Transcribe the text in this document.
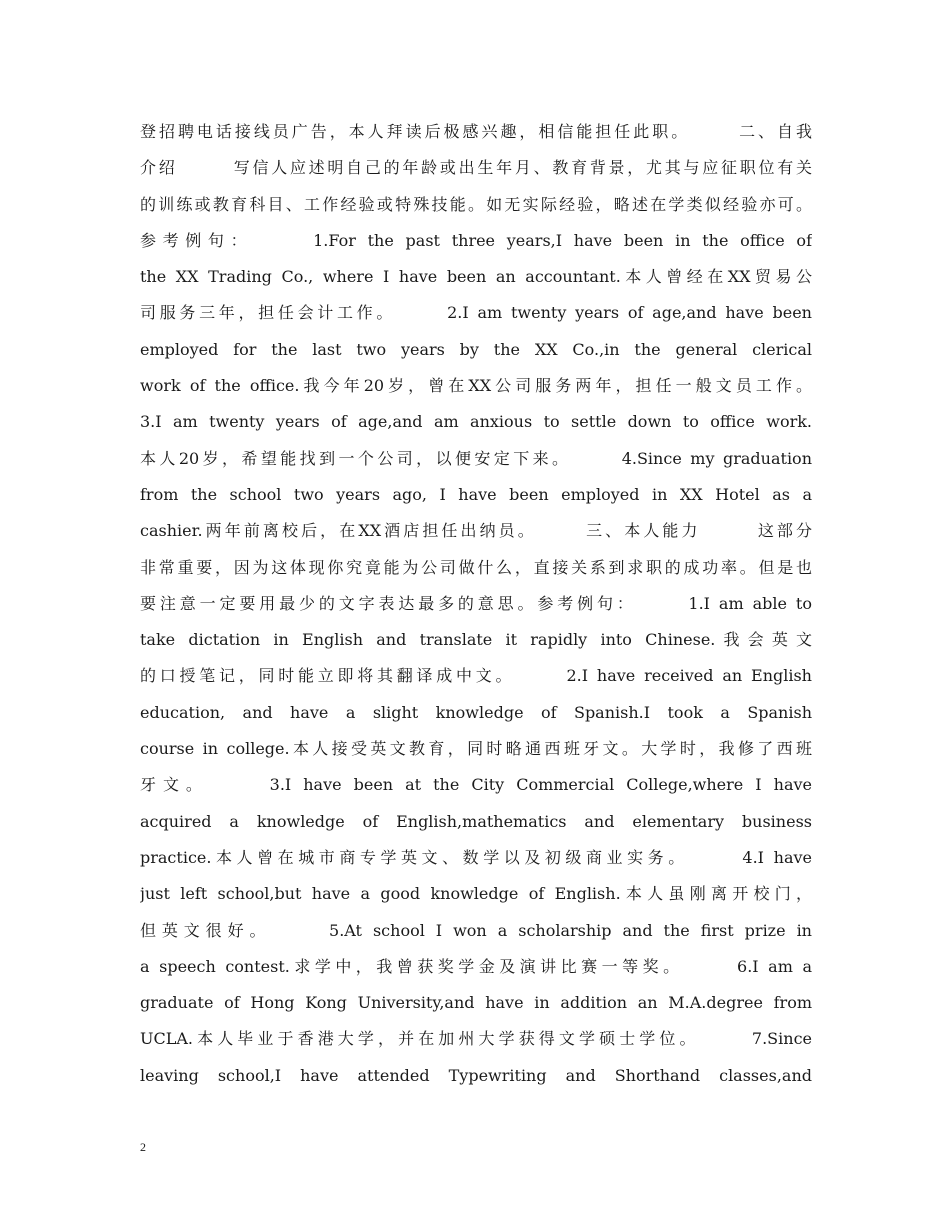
登招聘电话接线员广告，本人拜读后极感兴趣，相信能担任此职。　　　二、自我
介绍　　　写信人应述明自己的年龄或出生年月、教育背景，尤其与应征职位有关
的训练或教育科目、工作经验或特殊技能。如无实际经验，略述在学类似经验亦可。
参考例句：　　　1.For the past three years,I have been in the office of
the XX Trading Co., where I have been an accountant.本人曾经在XX贸易公
司服务三年，担任会计工作。　　　2.I am twenty years of age,and have been
employed for the last two years by the XX Co.,in the general clerical
work of the office.我今年20岁，曾在XX公司服务两年，担任一般文员工作。
3.I am twenty years of age,and am anxious to settle down to office work.
本人20岁，希望能找到一个公司，以便安定下来。　　　4.Since my graduation
from the school two years ago, I have been employed in XX Hotel as a
cashier.两年前离校后，在XX酒店担任出纳员。　　　三、本人能力　　　这部分
非常重要，因为这体现你究竟能为公司做什么，直接关系到求职的成功率。但是也
要注意一定要用最少的文字表达最多的意思。参考例句：　　　1.I am able to
take dictation in English and translate it rapidly into Chinese.我会英文
的口授笔记，同时能立即将其翻译成中文。　　　2.I have received an English
education, and have a slight knowledge of Spanish.I took a Spanish
course in college.本人接受英文教育，同时略通西班牙文。大学时，我修了西班
牙文。　　　3.I have been at the City Commercial College,where I have
acquired a knowledge of English,mathematics and elementary business
practice.本人曾在城市商专学英文、数学以及初级商业实务。　　　4.I have
just left school,but have a good knowledge of English.本人虽刚离开校门，
但英文很好。　　　5.At school I won a scholarship and the first prize in
a speech contest.求学中，我曾获奖学金及演讲比赛一等奖。　　　6.I am a
graduate of Hong Kong University,and have in addition an M.A.degree from
UCLA.本人毕业于香港大学，并在加州大学获得文学硕士学位。　　　7.Since
leaving school,I have attended Typewriting and Shorthand classes,and
2
